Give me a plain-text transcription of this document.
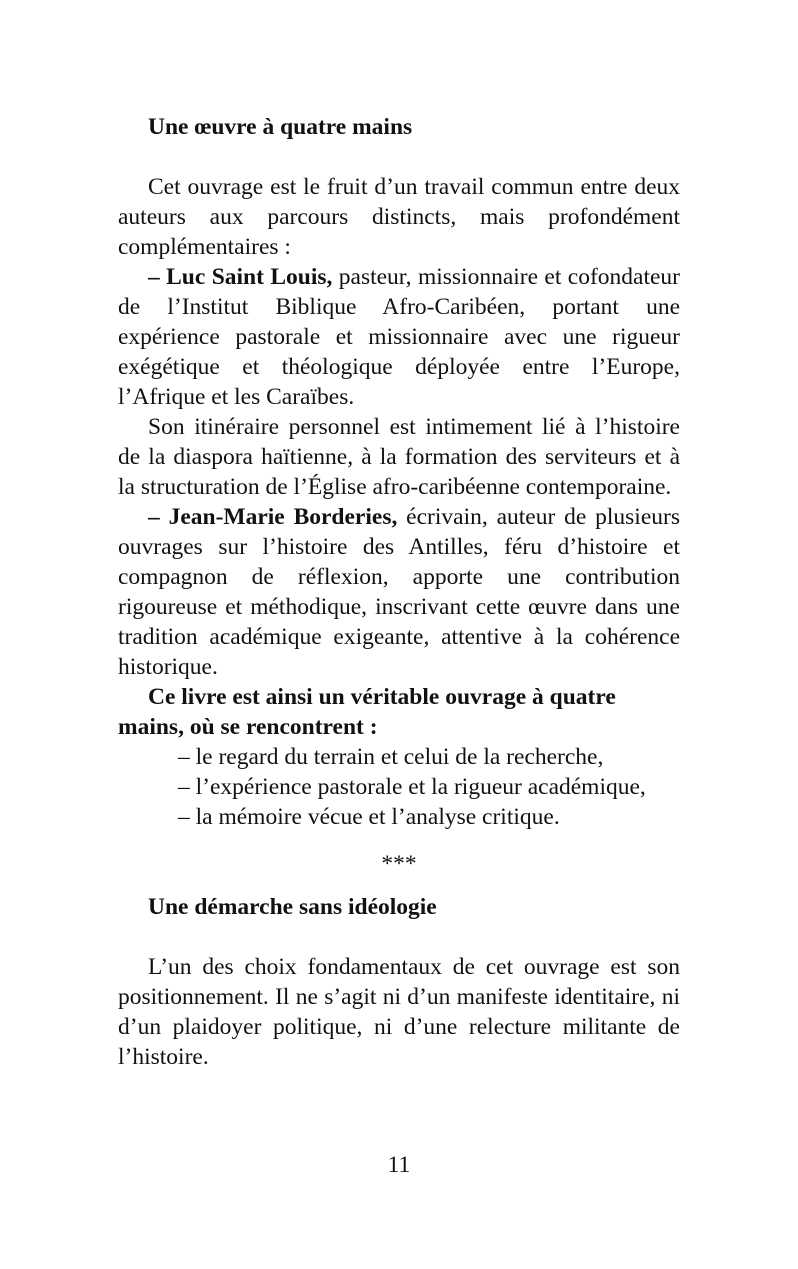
Une œuvre à quatre mains

Cet ouvrage est le fruit d’un travail commun entre deux auteurs aux parcours distincts, mais profondément complémentaires :

– Luc Saint Louis, pasteur, missionnaire et cofondateur de l’Institut Biblique Afro-Caribéen, portant une expérience pastorale et missionnaire avec une rigueur exégétique et théologique déployée entre l’Europe, l’Afrique et les Caraïbes.

Son itinéraire personnel est intimement lié à l’histoire de la diaspora haïtienne, à la formation des serviteurs et à la structuration de l’Église afro-caribéenne contemporaine.

– Jean-Marie Borderies, écrivain, auteur de plusieurs ouvrages sur l’histoire des Antilles, féru d’histoire et compagnon de réflexion, apporte une contribution rigoureuse et méthodique, inscrivant cette œuvre dans une tradition académique exigeante, attentive à la cohérence historique.

Ce livre est ainsi un véritable ouvrage à quatre mains, où se rencontrent :

– le regard du terrain et celui de la recherche,

– l’expérience pastorale et la rigueur académique,

– la mémoire vécue et l’analyse critique.

***

Une démarche sans idéologie

L’un des choix fondamentaux de cet ouvrage est son positionnement. Il ne s’agit ni d’un manifeste identitaire, ni d’un plaidoyer politique, ni d’une relecture militante de l’histoire.

11
